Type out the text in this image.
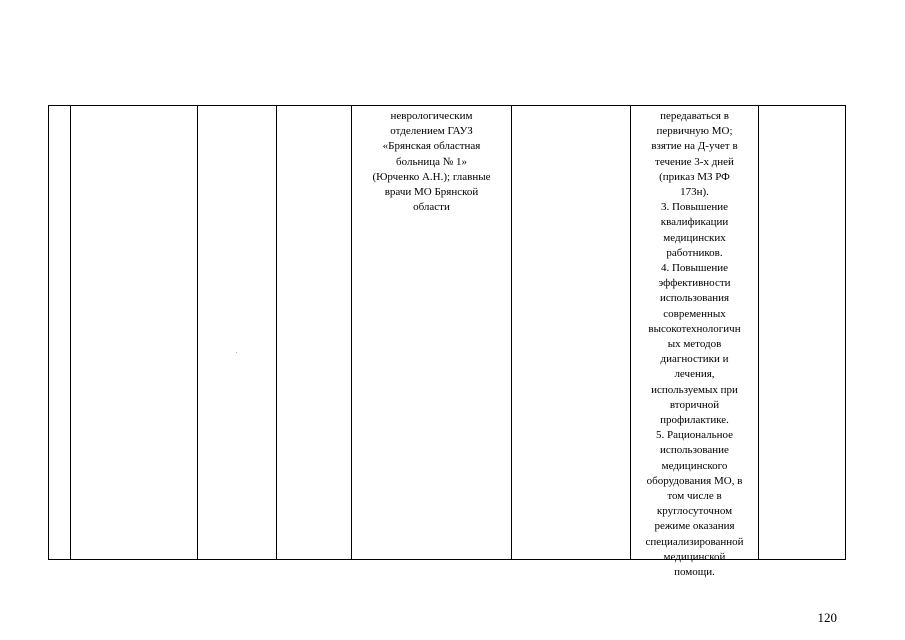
неврологическим
отделением ГАУЗ
«Брянская областная
больница № 1»
(Юрченко А.Н.); главные
врачи МО Брянской
области
передаваться в
первичную МО;
взятие на Д-учет в
течение 3-х дней
(приказ МЗ РФ
173н).
3. Повышение
квалификации
медицинских
работников.
4. Повышение
эффективности
использования
современных
высокотехнологичн
ых методов
диагностики и
лечения,
используемых при
вторичной
профилактике.
5. Рациональное
использование
медицинского
оборудования МО, в
том числе в
круглосуточном
режиме оказания
специализированной
медицинской
помощи.
120
